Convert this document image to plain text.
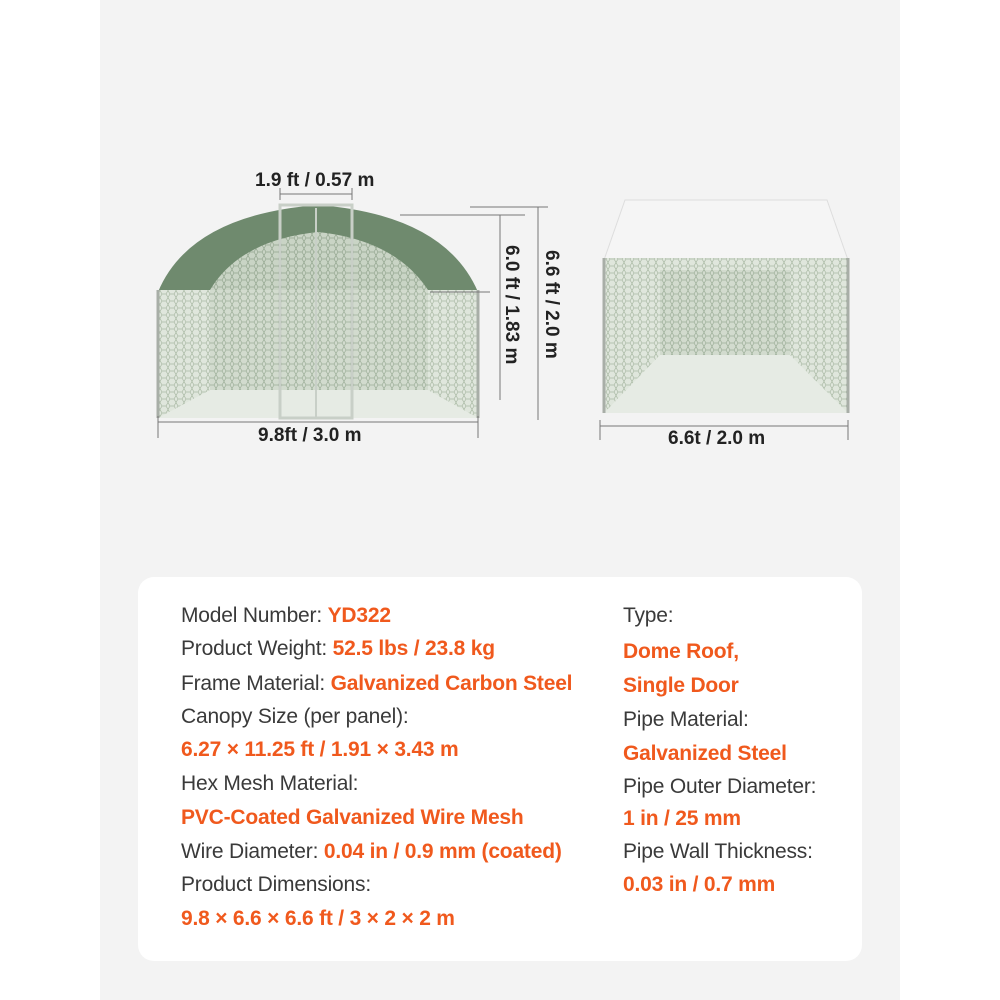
1.9 ft / 0.57 m
6.0 ft / 1.83 m 6.6 ft / 2.0 m
9.8ft / 3.0 m	6.6t / 2.0 m
Model Number: YD322
Product Weight: 52.5 lbs / 23.8 kg
Frame Material: Galvanized Carbon Steel
Canopy Size (per panel):
6.27 × 11.25 ft / 1.91 × 3.43 m
Hex Mesh Material:
PVC-Coated Galvanized Wire Mesh
Wire Diameter: 0.04 in / 0.9 mm (coated)
Product Dimensions:
9.8 × 6.6 × 6.6 ft / 3 × 2 × 2 m
Type:
Dome Roof,
Single Door
Pipe Material:
Galvanized Steel
Pipe Outer Diameter:
1 in / 25 mm
Pipe Wall Thickness:
0.03 in / 0.7 mm
